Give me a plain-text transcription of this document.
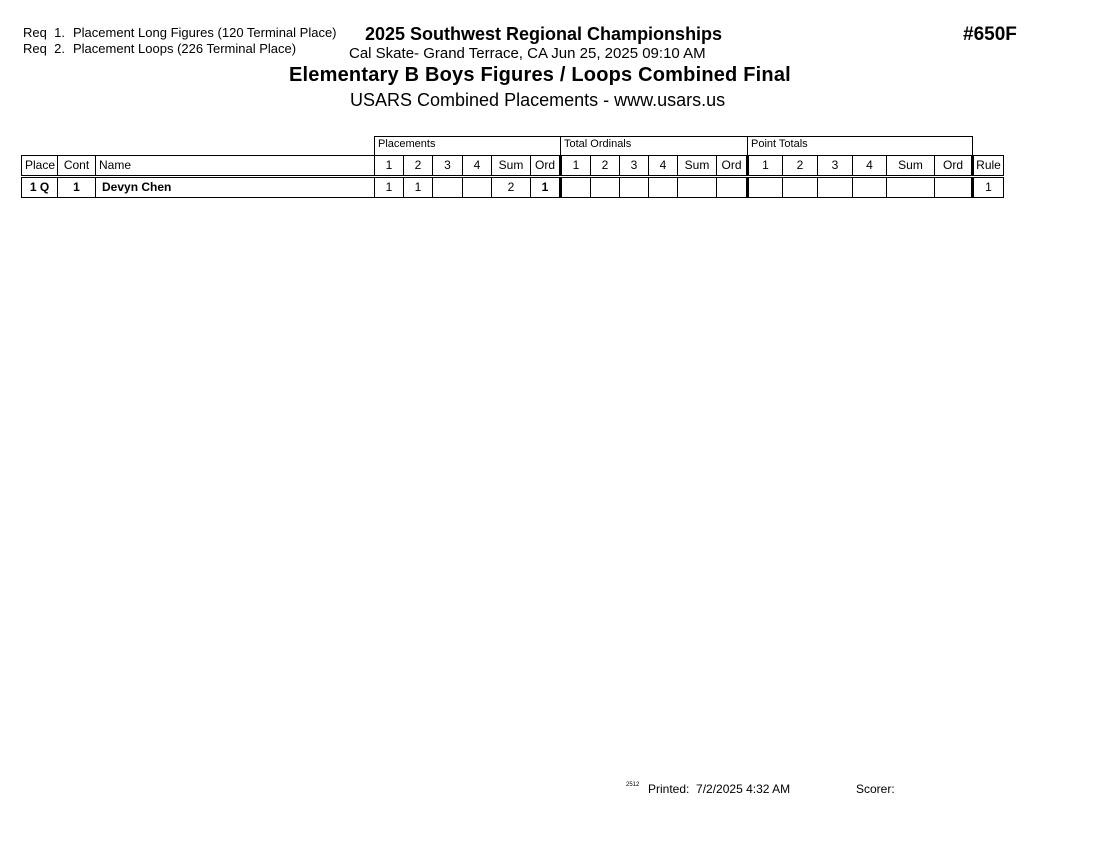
Req 1. Placement Long Figures (120 Terminal Place)
Req 2. Placement Loops (226 Terminal Place)
2025 Southwest Regional Championships
Cal Skate- Grand Terrace, CA Jun 25, 2025 09:10 AM
Elementary B Boys Figures / Loops Combined Final
USARS Combined Placements - www.usars.us
#650F
			Placements						Total Ordinals						Point Totals						
Place	Cont	Name	1	2	3	4	Sum	Ord	1	2	3	4	Sum	Ord	1	2	3	4	Sum	Ord	Rule
1 Q	1	Devyn Chen	1	1			2	1													1
2512 Printed: 7/2/2025 4:32 AM	Scorer:
